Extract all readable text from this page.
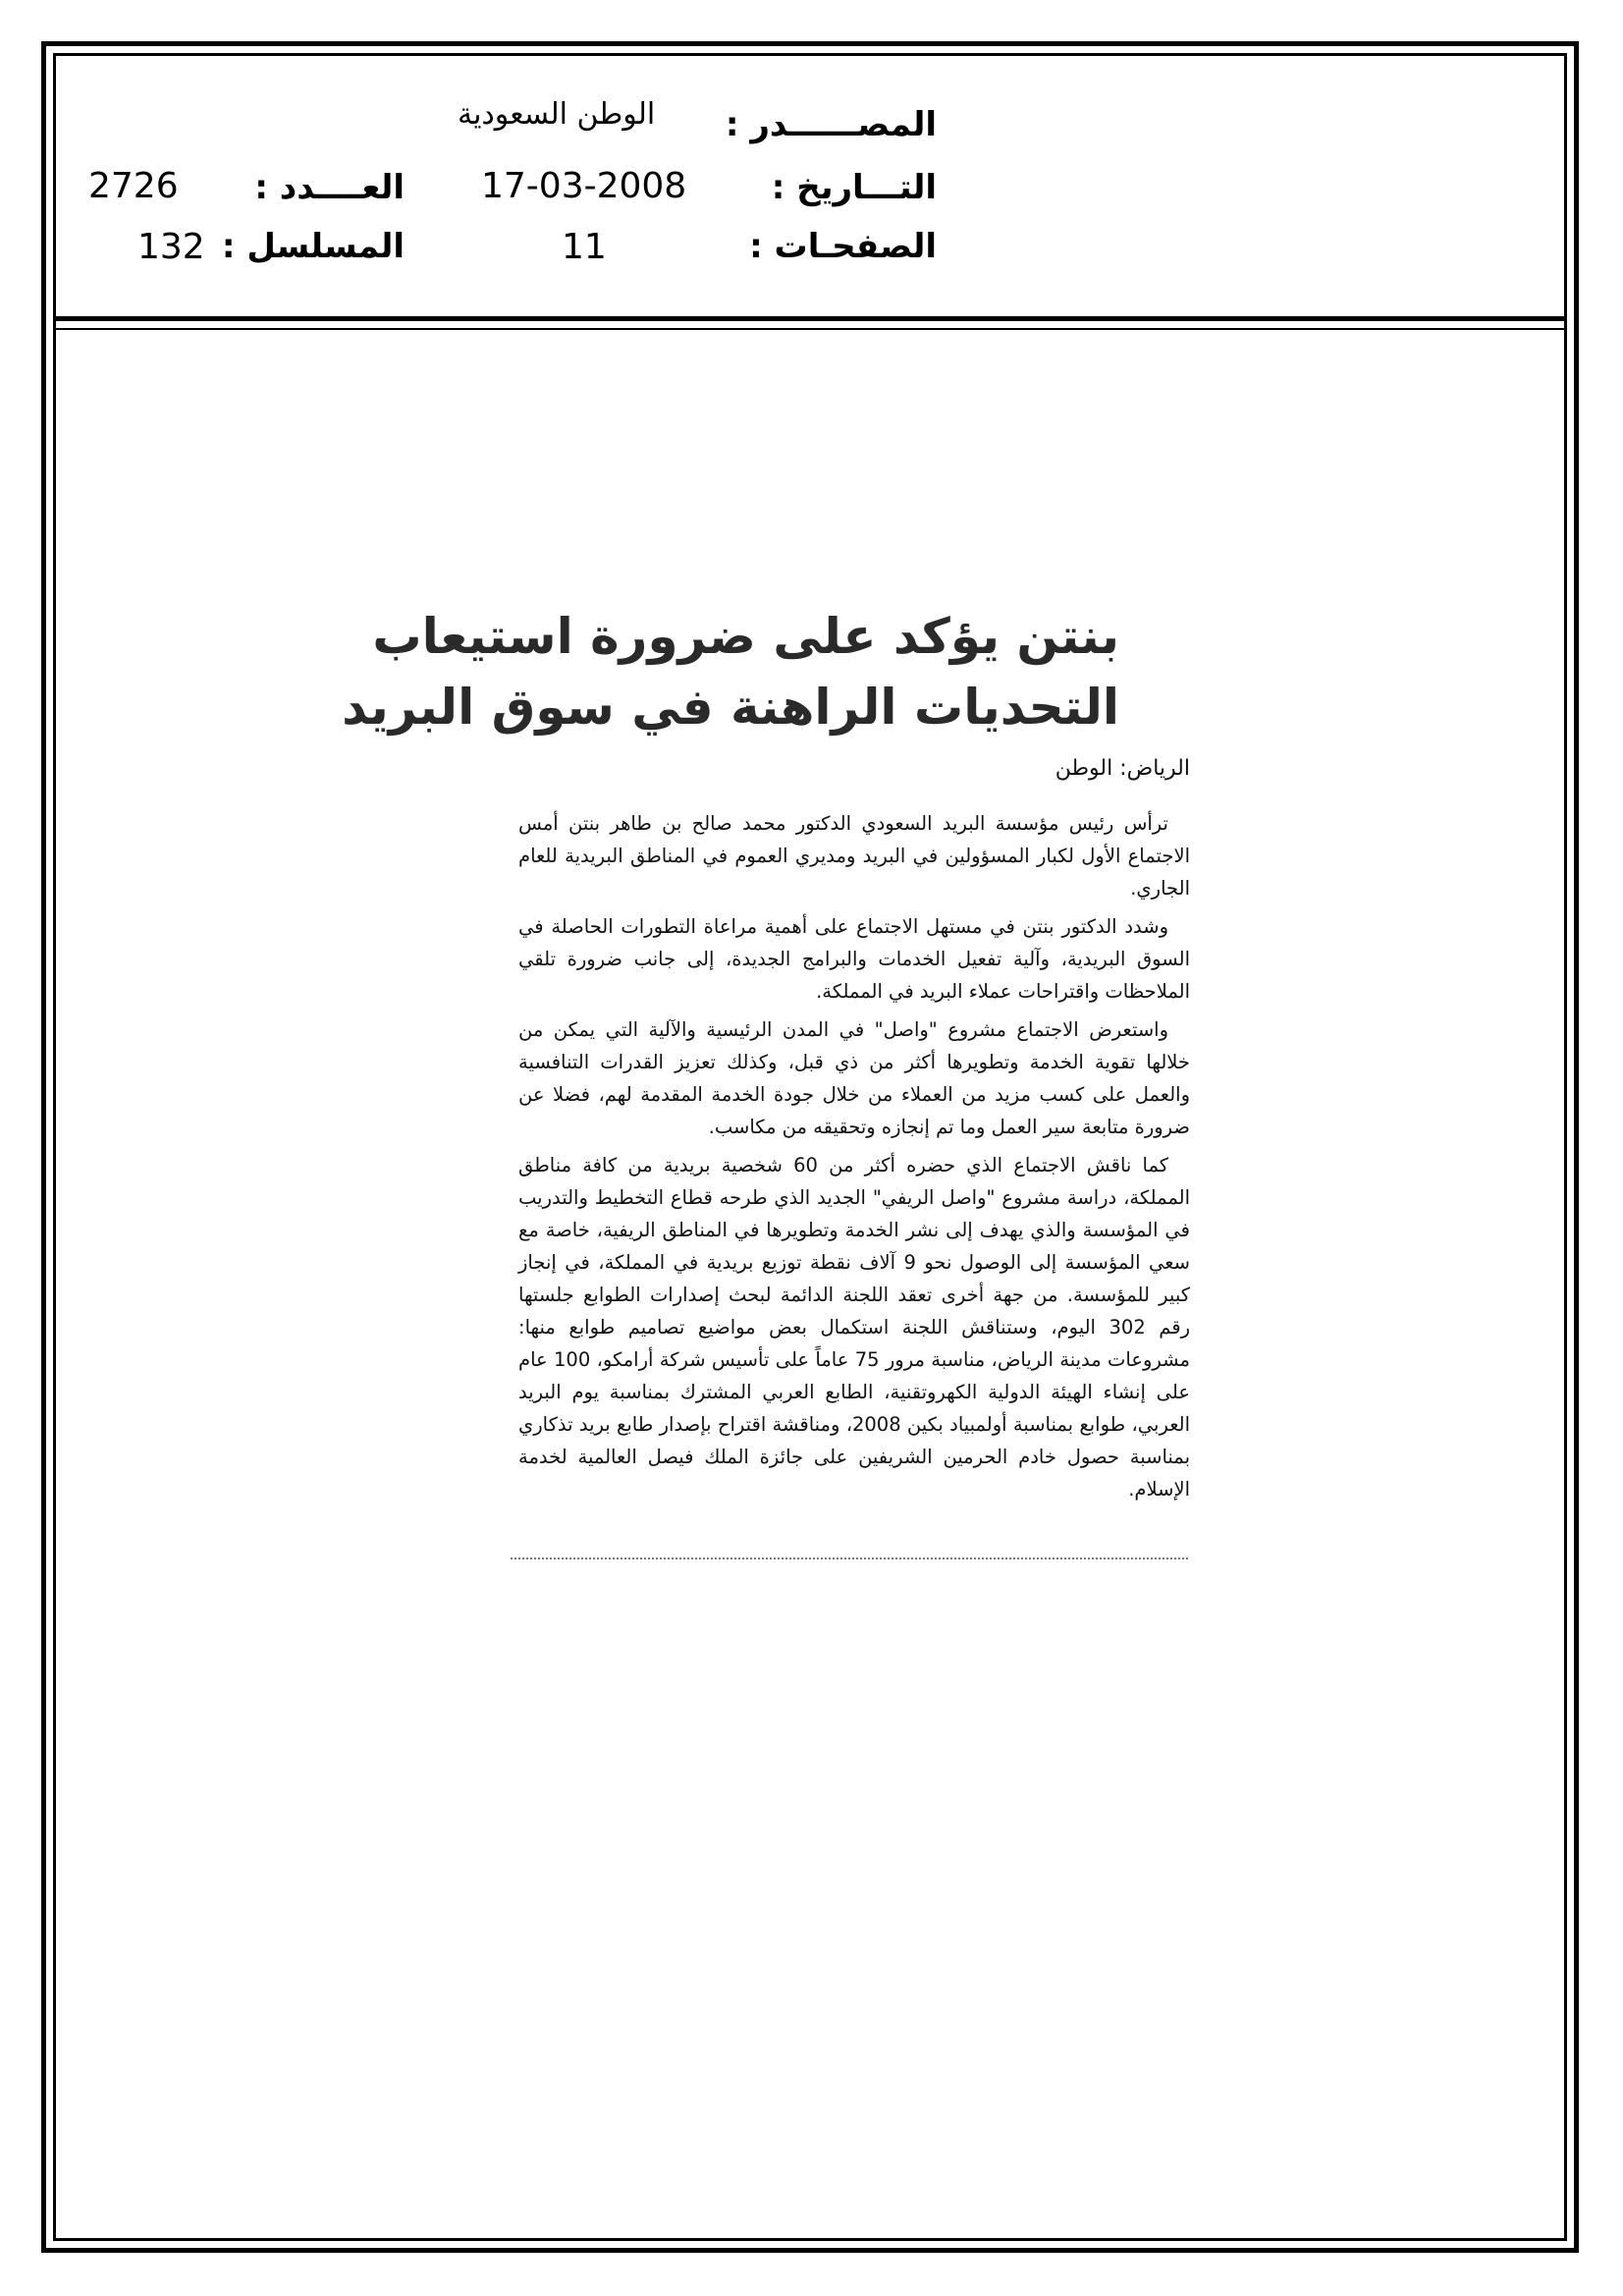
المصــــــدر :
الوطن السعودية
التـــاريخ :
17-03-2008
الصفحـات :
11
العــــدد :
2726
المسلسل :
132
بنتن يؤكد على ضرورة استيعاب
التحديات الراهنة في سوق البريد
الرياض: الوطن

ترأس رئيس مؤسسة البريد السعودي الدكتور محمد صالح بن طاهر بنتن أمس الاجتماع الأول لكبار المسؤولين في البريد ومديري العموم في المناطق البريدية للعام الجاري.

وشدد الدكتور بنتن في مستهل الاجتماع على أهمية مراعاة التطورات الحاصلة في السوق البريدية، وآلية تفعيل الخدمات والبرامج الجديدة، إلى جانب ضرورة تلقي الملاحظات واقتراحات عملاء البريد في المملكة.

واستعرض الاجتماع مشروع "واصل" في المدن الرئيسية والآلية التي يمكن من خلالها تقوية الخدمة وتطويرها أكثر من ذي قبل، وكذلك تعزيز القدرات التنافسية والعمل على كسب مزيد من العملاء من خلال جودة الخدمة المقدمة لهم، فضلا عن ضرورة متابعة سير العمل وما تم إنجازه وتحقيقه من مكاسب.

كما ناقش الاجتماع الذي حضره أكثر من 60 شخصية بريدية من كافة مناطق المملكة، دراسة مشروع "واصل الريفي" الجديد الذي طرحه قطاع التخطيط والتدريب في المؤسسة والذي يهدف إلى نشر الخدمة وتطويرها في المناطق الريفية، خاصة مع سعي المؤسسة إلى الوصول نحو 9 آلاف نقطة توزيع بريدية في المملكة، في إنجاز كبير للمؤسسة. من جهة أخرى تعقد اللجنة الدائمة لبحث إصدارات الطوابع جلستها رقم 302 اليوم، وستناقش اللجنة استكمال بعض مواضيع تصاميم طوابع منها: مشروعات مدينة الرياض، مناسبة مرور 75 عاماً على تأسيس شركة أرامكو، 100 عام على إنشاء الهيئة الدولية الكهروتقنية، الطابع العربي المشترك بمناسبة يوم البريد العربي، طوابع بمناسبة أولمبياد بكين 2008، ومناقشة اقتراح بإصدار طابع بريد تذكاري بمناسبة حصول خادم الحرمين الشريفين على جائزة الملك فيصل العالمية لخدمة الإسلام.
